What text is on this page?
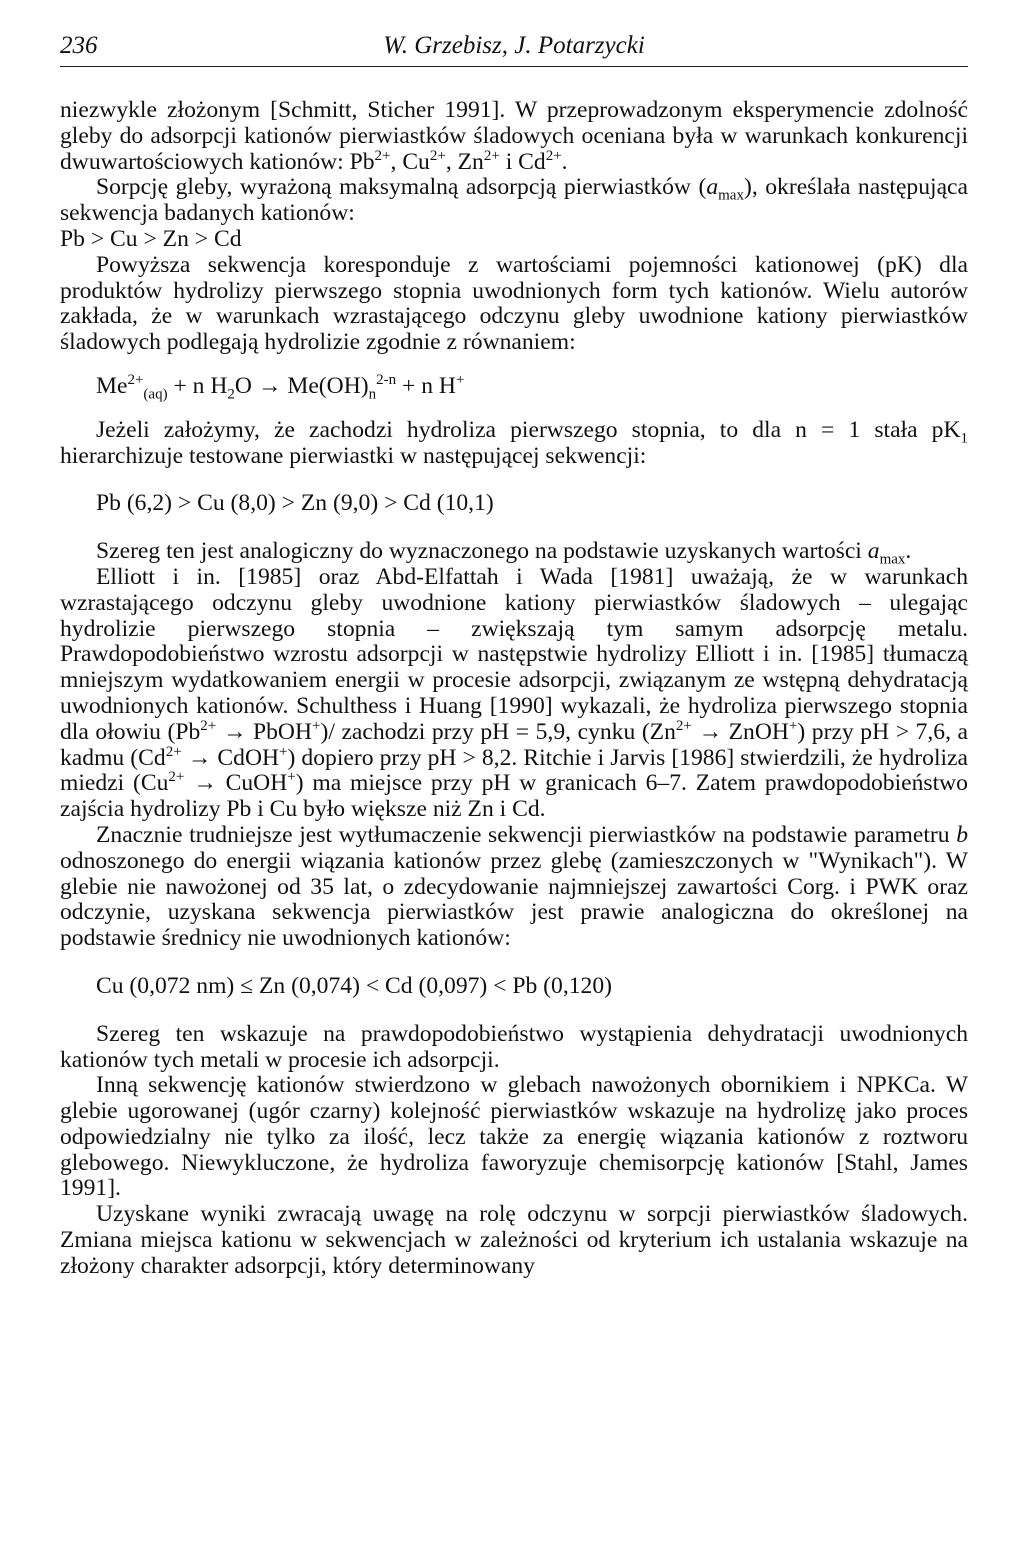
236	W. Grzebisz, J. Potarzycki

niezwykle złożonym [Schmitt, Sticher 1991]. W przeprowadzonym eksperymencie zdolność gleby do adsorpcji kationów pierwiastków śladowych oceniana była w warunkach konkurencji dwuwartościowych kationów: $Pb^{2+}$, $Cu^{2+}$, $Zn^{2+}$ i $Cd^{2+}$.

Sorpcję gleby, wyrażoną maksymalną adsorpcją pierwiastków $(a_{max})$, określała następująca sekwencja badanych kationów:

Pb > Cu > Zn > Cd

Powyższa sekwencja koresponduje z wartościami pojemności kationowej (pK) dla produktów hydrolizy pierwszego stopnia uwodnionych form tych kationów. Wielu autorów zakłada, że w warunkach wzrastającego odczynu gleby uwodnione kationy pierwiastków śladowych podlegają hydrolizie zgodnie z równaniem:

$Me^{2+}_{(aq)} + n$ $H_2O \to Me(OH)_n^{2-n} + n$ H+

Jeżeli założymy, że zachodzi hydroliza pierwszego stopnia, to dla n = 1 stała $pK_1$ hierarchizuje testowane pierwiastki w następującej sekwencji:

Pb (6,2) > Cu (8,0) > Zn (9,0) > Cd (10,1)

Szereg ten jest analogiczny do wyznaczonego na podstawie uzyskanych wartości $a_{max}$.

Elliott i in. [1985] oraz Abd-Elfattah i Wada [1981] uważają, że w warunkach wzrastającego odczynu gleby uwodnione kationy pierwiastków śladowych – ulegając hydrolizie pierwszego stopnia – zwiększają tym samym adsorpcję metalu. Prawdopodobieństwo wzrostu adsorpcji w następstwie hydrolizy Elliott i in. [1985] tłumaczą mniejszym wydatkowaniem energii w procesie adsorpcji, związanym ze wstępną dehydratacją uwodnionych kationów. Schulthess i Huang [1990] wykazali, że hydroliza pierwszego stopnia dla ołowiu ($Pb^{2+}$ → PbOH+)/ zachodzi przy pH = 5,9, cynku ($Zn^{2+}$ → ZnOH+) przy pH > 7,6, a kadmu ($Cd^{2+}$ → CdOH+) dopiero przy pH > 8,2. Ritchie i Jarvis [1986] stwierdzili, że hydroliza miedzi ($Cu^{2+}$ → CuOH+) ma miejsce przy pH w granicach 6–7. Zatem prawdopodobieństwo zajścia hydrolizy Pb i Cu było większe niż Zn i Cd.

Znacznie trudniejsze jest wytłumaczenie sekwencji pierwiastków na podstawie parametru b odnoszonego do energii wiązania kationów przez glebę (zamieszczonych w "Wynikach"). W glebie nie nawożonej od 35 lat, o zdecydowanie najmniejszej zawartości Corg. i PWK oraz odczynie, uzyskana sekwencja pierwiastków jest prawie analogiczna do określonej na podstawie średnicy nie uwodnionych kationów:

Cu (0,072 nm) ≤ Zn (0,074) < Cd (0,097) < Pb (0,120)

Szereg ten wskazuje na prawdopodobieństwo wystąpienia dehydratacji uwodnionych kationów tych metali w procesie ich adsorpcji.

Inną sekwencję kationów stwierdzono w glebach nawożonych obornikiem i NPKCa. W glebie ugorowanej (ugór czarny) kolejność pierwiastków wskazuje na hydrolizę jako proces odpowiedzialny nie tylko za ilość, lecz także za energię wiązania kationów z roztworu glebowego. Niewykluczone, że hydroliza faworyzuje chemisorpcję kationów [Stahl, James 1991].

Uzyskane wyniki zwracają uwagę na rolę odczynu w sorpcji pierwiastków śladowych. Zmiana miejsca kationu w sekwencjach w zależności od kryterium ich ustalania wskazuje na złożony charakter adsorpcji, który determinowany
